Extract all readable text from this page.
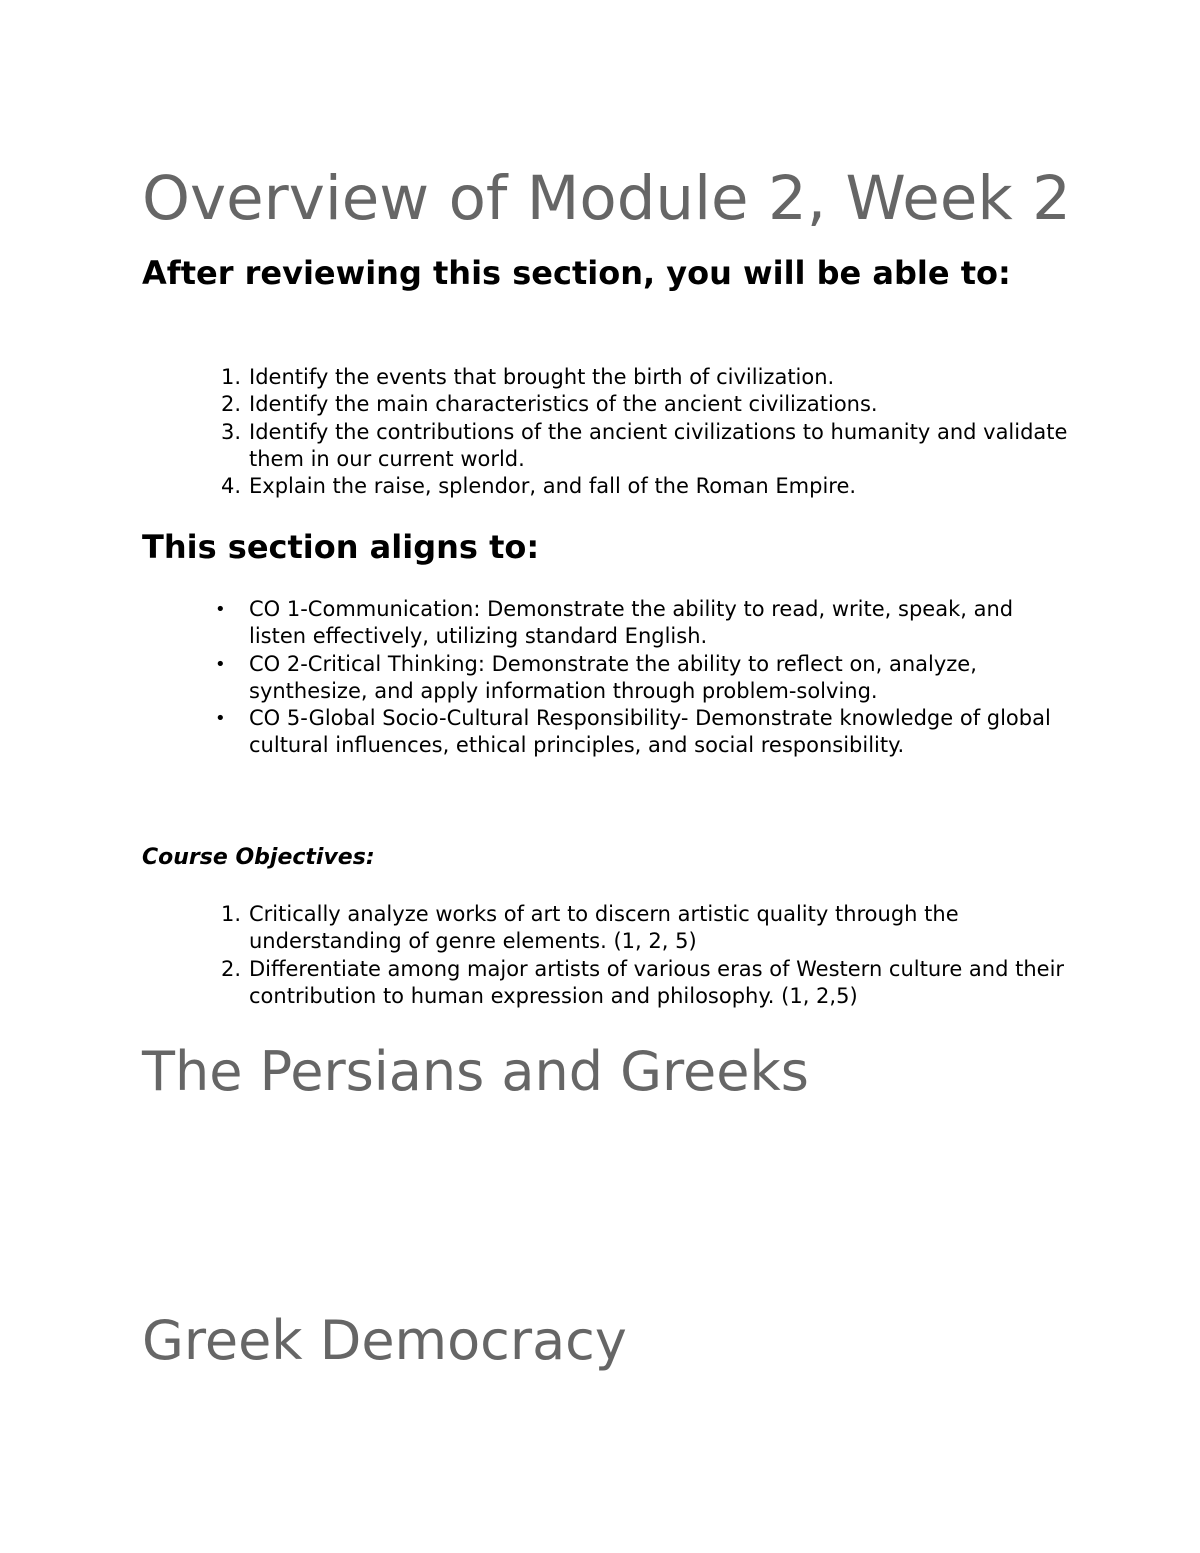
Overview of Module 2, Week 2
After reviewing this section, you will be able to:
1. Identify the events that brought the birth of civilization.
2. Identify the main characteristics of the ancient civilizations.
3. Identify the contributions of the ancient civilizations to humanity and validate them in our current world.
4. Explain the raise, splendor, and fall of the Roman Empire.
This section aligns to:
• CO 1-Communication: Demonstrate the ability to read, write, speak, and listen effectively, utilizing standard English.
• CO 2-Critical Thinking: Demonstrate the ability to reflect on, analyze, synthesize, and apply information through problem-solving.
• CO 5-Global Socio-Cultural Responsibility- Demonstrate knowledge of global cultural influences, ethical principles, and social responsibility.
Course Objectives:
1. Critically analyze works of art to discern artistic quality through the understanding of genre elements. (1, 2, 5)
2. Differentiate among major artists of various eras of Western culture and their contribution to human expression and philosophy. (1, 2,5)
The Persians and Greeks
Greek Democracy
